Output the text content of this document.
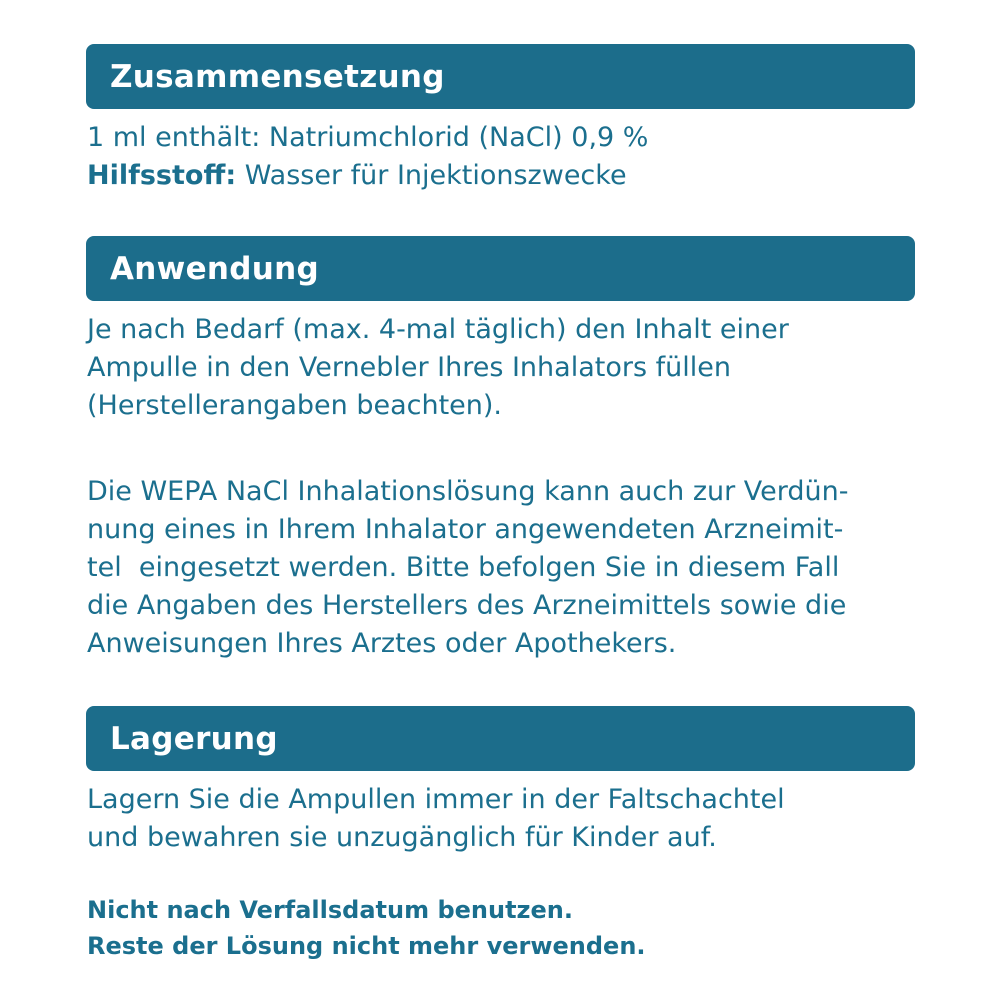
Zusammensetzung
1 ml enthält: Natriumchlorid (NaCl) 0,9 %
Hilfsstoff: Wasser für Injektionszwecke
Anwendung
Je nach Bedarf (max. 4-mal täglich) den Inhalt einer
Ampulle in den Vernebler Ihres Inhalators füllen
(Herstellerangaben beachten).
Die WEPA NaCl Inhalationslösung kann auch zur Verdün-
nung eines in Ihrem Inhalator angewendeten Arzneimit-
tel  eingesetzt werden. Bitte befolgen Sie in diesem Fall
die Angaben des Herstellers des Arzneimittels sowie die
Anweisungen Ihres Arztes oder Apothekers.
Lagerung
Lagern Sie die Ampullen immer in der Faltschachtel
und bewahren sie unzugänglich für Kinder auf.
Nicht nach Verfallsdatum benutzen.
Reste der Lösung nicht mehr verwenden.
